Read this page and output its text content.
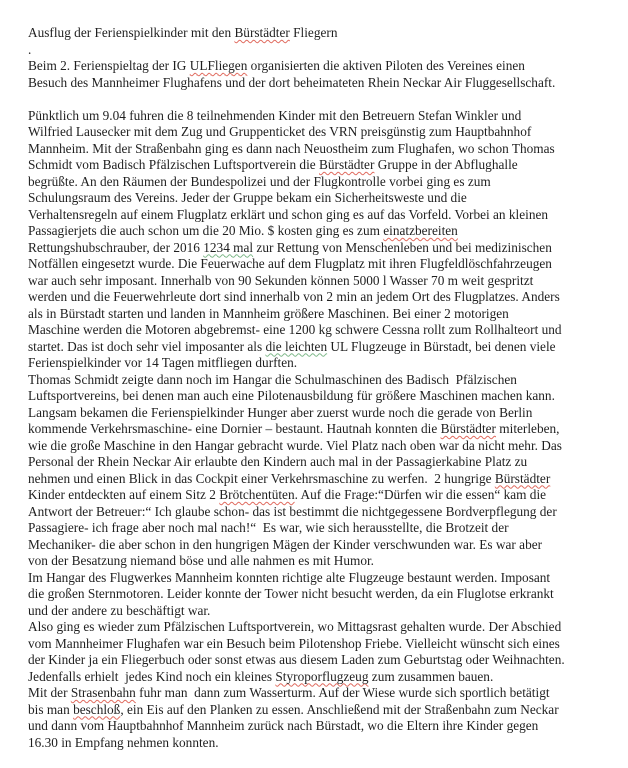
Ausflug der Ferienspielkinder mit den Bürstädter Fliegern
.
Beim 2. Ferienspieltag der IG ULFliegen organisierten die aktiven Piloten des Vereines einen
Besuch des Mannheimer Flughafens und der dort beheimateten Rhein Neckar Air Fluggesellschaft.

Pünktlich um 9.04 fuhren die 8 teilnehmenden Kinder mit den Betreuern Stefan Winkler und
Wilfried Lausecker mit dem Zug und Gruppenticket des VRN preisgünstig zum Hauptbahnhof
Mannheim. Mit der Straßenbahn ging es dann nach Neuostheim zum Flughafen, wo schon Thomas
Schmidt vom Badisch Pfälzischen Luftsportverein die Bürstädter Gruppe in der Abflughalle
begrüßte. An den Räumen der Bundespolizei und der Flugkontrolle vorbei ging es zum
Schulungsraum des Vereins. Jeder der Gruppe bekam ein Sicherheitsweste und die
Verhaltensregeln auf einem Flugplatz erklärt und schon ging es auf das Vorfeld. Vorbei an kleinen
Passagierjets die auch schon um die 20 Mio. $ kosten ging es zum einatzbereiten
Rettungshubschrauber, der 2016 1234 mal zur Rettung von Menschenleben und bei medizinischen
Notfällen eingesetzt wurde. Die Feuerwache auf dem Flugplatz mit ihren Flugfeldlöschfahrzeugen
war auch sehr imposant. Innerhalb von 90 Sekunden können 5000 l Wasser 70 m weit gespritzt
werden und die Feuerwehrleute dort sind innerhalb von 2 min an jedem Ort des Flugplatzes. Anders
als in Bürstadt starten und landen in Mannheim größere Maschinen. Bei einer 2 motorigen
Maschine werden die Motoren abgebremst- eine 1200 kg schwere Cessna rollt zum Rollhalteort und
startet. Das ist doch sehr viel imposanter als die leichten UL Flugzeuge in Bürstadt, bei denen viele
Ferienspielkinder vor 14 Tagen mitfliegen durften.
Thomas Schmidt zeigte dann noch im Hangar die Schulmaschinen des Badisch  Pfälzischen
Luftsportvereins, bei denen man auch eine Pilotenausbildung für größere Maschinen machen kann.
Langsam bekamen die Ferienspielkinder Hunger aber zuerst wurde noch die gerade von Berlin
kommende Verkehrsmaschine- eine Dornier – bestaunt. Hautnah konnten die Bürstädter miterleben,
wie die große Maschine in den Hangar gebracht wurde. Viel Platz nach oben war da nicht mehr. Das
Personal der Rhein Neckar Air erlaubte den Kindern auch mal in der Passagierkabine Platz zu
nehmen und einen Blick in das Cockpit einer Verkehrsmaschine zu werfen.  2 hungrige Bürstädter
Kinder entdeckten auf einem Sitz 2 Brötchentüten. Auf die Frage:“Dürfen wir die essen“ kam die
Antwort der Betreuer:“ Ich glaube schon- das ist bestimmt die nichtgegessene Bordverpflegung der
Passagiere- ich frage aber noch mal nach!“  Es war, wie sich herausstellte, die Brotzeit der
Mechaniker- die aber schon in den hungrigen Mägen der Kinder verschwunden war. Es war aber
von der Besatzung niemand böse und alle nahmen es mit Humor.
Im Hangar des Flugwerkes Mannheim konnten richtige alte Flugzeuge bestaunt werden. Imposant
die großen Sternmotoren. Leider konnte der Tower nicht besucht werden, da ein Fluglotse erkrankt
und der andere zu beschäftigt war.
Also ging es wieder zum Pfälzischen Luftsportverein, wo Mittagsrast gehalten wurde. Der Abschied
vom Mannheimer Flughafen war ein Besuch beim Pilotenshop Friebe. Vielleicht wünscht sich eines
der Kinder ja ein Fliegerbuch oder sonst etwas aus diesem Laden zum Geburtstag oder Weihnachten.
Jedenfalls erhielt  jedes Kind noch ein kleines Styroporflugzeug zum zusammen bauen.
Mit der Strasenbahn fuhr man  dann zum Wasserturm. Auf der Wiese wurde sich sportlich betätigt
bis man beschloß, ein Eis auf den Planken zu essen. Anschließend mit der Straßenbahn zum Neckar
und dann vom Hauptbahnhof Mannheim zurück nach Bürstadt, wo die Eltern ihre Kinder gegen
16.30 in Empfang nehmen konnten.
